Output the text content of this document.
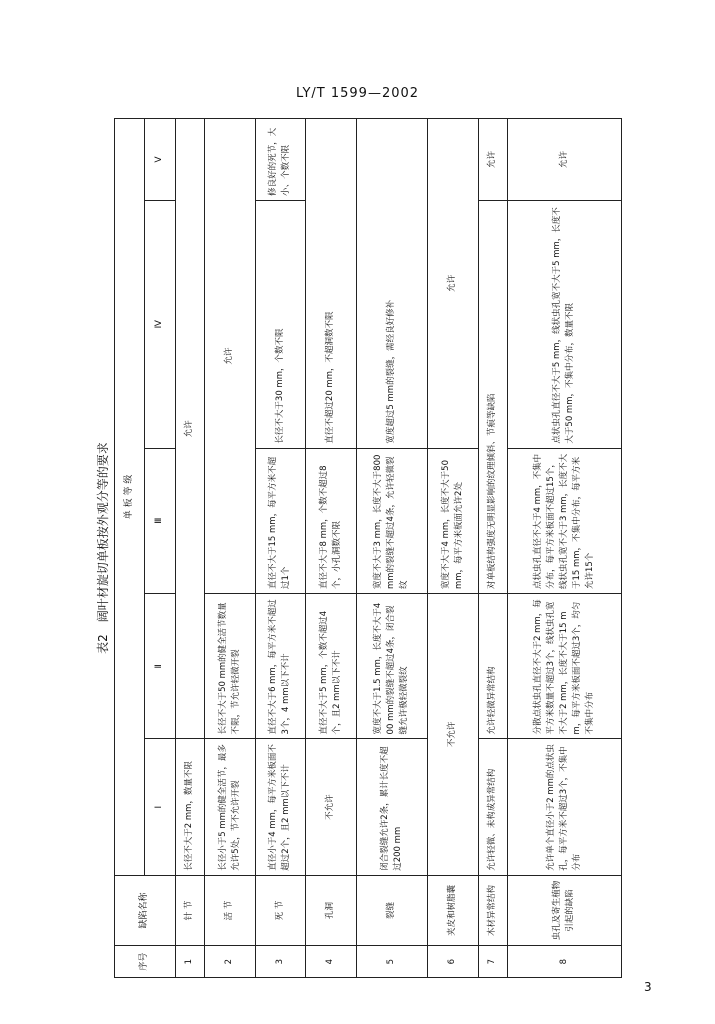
LY/T 1599—2002
表2　阔叶材旋切单板按外观分等的要求
序号	缺陷名称	单 板 等 级				
		Ⅰ	Ⅱ	Ⅲ	Ⅳ	Ⅴ
1	针 节	长径不大于2 mm，数量不限	允许			
2	活 节	长径小于5 mm的健全活节，最多允许5处，节不允许开裂	长径不大于50 mm的健全活节数量不限，节允许轻微开裂	允许		
3	死 节	直径小于4 mm，每平方米板面不超过2个，且2 mm以下不计	直径不大于6 mm，每平方米不超过3个，4 mm以下不计	直径不大于15 mm，每平方米不超过1个	长径不大于30 mm，个数不限	修良好的死节，大小、个数不限
4	孔洞	不允许	直径不大于5 mm，个数不超过4个，且2 mm以下不计	直径不大于8 mm，个数不超过8个，小孔洞数不限	直径不超过20 mm，不超洞数不限	
5	裂缝	闭合裂缝允许2条，累计长度不超过200 mm	宽度不大于1.5 mm，长度不大于400 mm的裂缝不超过4条，闭合裂缝允许极轻微裂纹	宽度不大于3 mm，长度不大于800 mm的裂缝不超过4条，允许轻微裂纹	宽度超过5 mm的裂缝，需经良好修补	
6	夹皮和树脂囊	不允许		宽度不大于4 mm，长度不大于50 mm，每平方米板面允许2处	允许	
7	木材异常结构	允许轻微、未构成异常结构	允许轻微异常结构	对单板结构强度无明显影响的纹理倾斜、节痕等缺陷		允许
8	虫孔及寄生植物引起的缺陷	允许单个直径小于2 mm的点状虫孔，每平方米不超过3个，不集中分布	分散点状虫孔直径不大于2 mm，每平方米数量不超过3个，线状虫孔宽不大于2 mm，长度不大于15 mm，每平方米板面不超过3个，均匀不集中分布	点状虫孔直径不大于4 mm，不集中分布，每平方米板面不超过15个，线状虫孔宽不大于3 mm，长度不大于15 mm，不集中分布，每平方米允许15个	点状虫孔直径不大于5 mm，线状虫孔宽不大于5 mm，长度不大于50 mm，不集中分布，数量不限	允许
3
